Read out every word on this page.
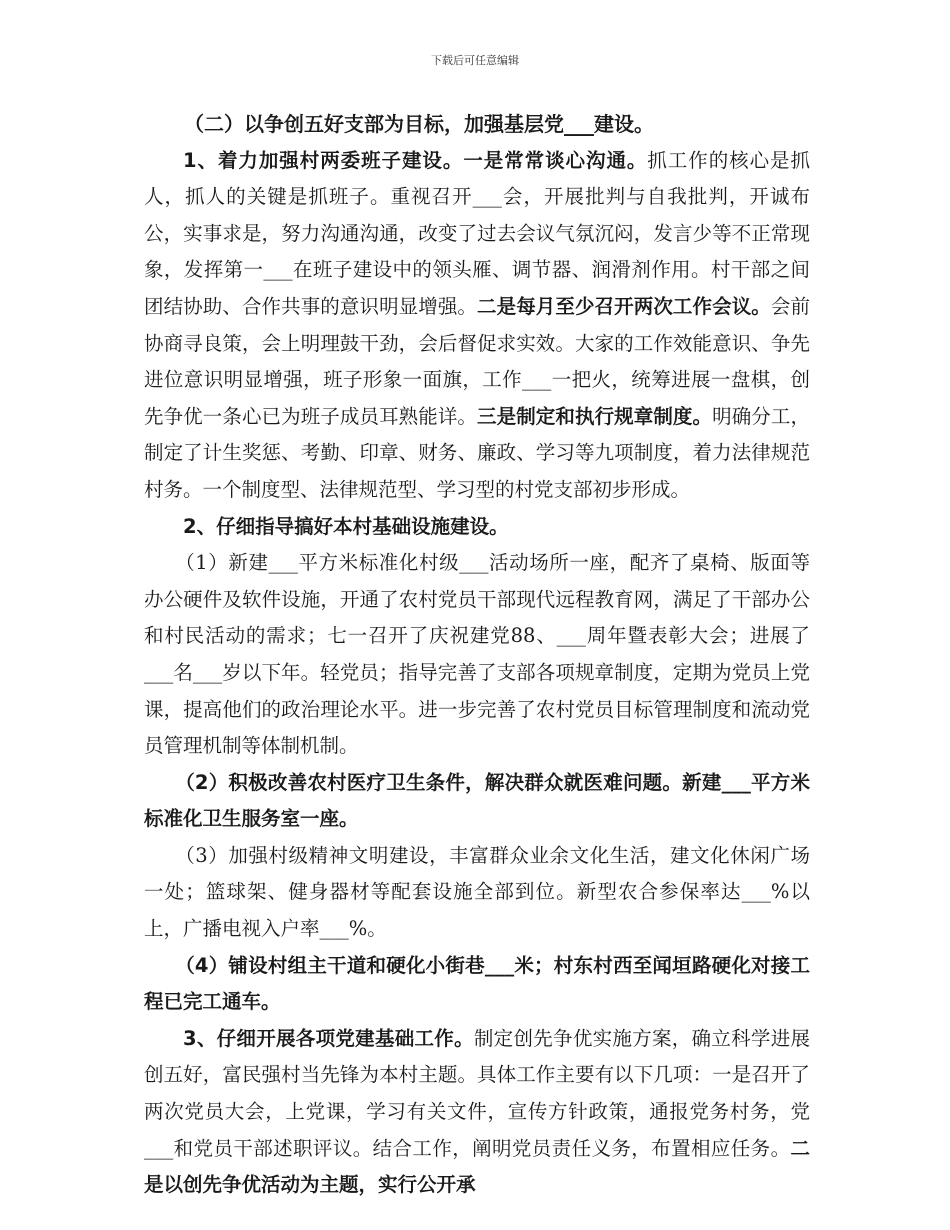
下载后可任意编辑

（二）以争创五好支部为目标，加强基层党___建设。

1、着力加强村两委班子建设。一是常常谈心沟通。抓工作的核心是抓人，抓人的关键是抓班子。重视召开___会，开展批判与自我批判，开诚布公，实事求是，努力沟通沟通，改变了过去会议气氛沉闷，发言少等不正常现象，发挥第一___在班子建设中的领头雁、调节器、润滑剂作用。村干部之间团结协助、合作共事的意识明显增强。二是每月至少召开两次工作会议。会前协商寻良策，会上明理鼓干劲，会后督促求实效。大家的工作效能意识、争先进位意识明显增强，班子形象一面旗，工作___一把火，统筹进展一盘棋，创先争优一条心已为班子成员耳熟能详。三是制定和执行规章制度。明确分工，制定了计生奖惩、考勤、印章、财务、廉政、学习等九项制度，着力法律规范村务。一个制度型、法律规范型、学习型的村党支部初步形成。

2、仔细指导搞好本村基础设施建设。

（1）新建___平方米标准化村级___活动场所一座，配齐了桌椅、版面等办公硬件及软件设施，开通了农村党员干部现代远程教育网，满足了干部办公和村民活动的需求；七一召开了庆祝建党88、___周年暨表彰大会；进展了___名___岁以下年。轻党员；指导完善了支部各项规章制度，定期为党员上党课，提高他们的政治理论水平。进一步完善了农村党员目标管理制度和流动党员管理机制等体制机制。

（2）积极改善农村医疗卫生条件，解决群众就医难问题。新建___平方米标准化卫生服务室一座。

（3）加强村级精神文明建设，丰富群众业余文化生活，建文化休闲广场一处；篮球架、健身器材等配套设施全部到位。新型农合参保率达___%以上，广播电视入户率___%。

（4）铺设村组主干道和硬化小街巷___米；村东村西至闻垣路硬化对接工程已完工通车。

3、仔细开展各项党建基础工作。制定创先争优实施方案，确立科学进展创五好，富民强村当先锋为本村主题。具体工作主要有以下几项：一是召开了两次党员大会，上党课，学习有关文件，宣传方针政策，通报党务村务，党___和党员干部述职评议。结合工作，阐明党员责任义务，布置相应任务。二是以创先争优活动为主题，实行公开承
